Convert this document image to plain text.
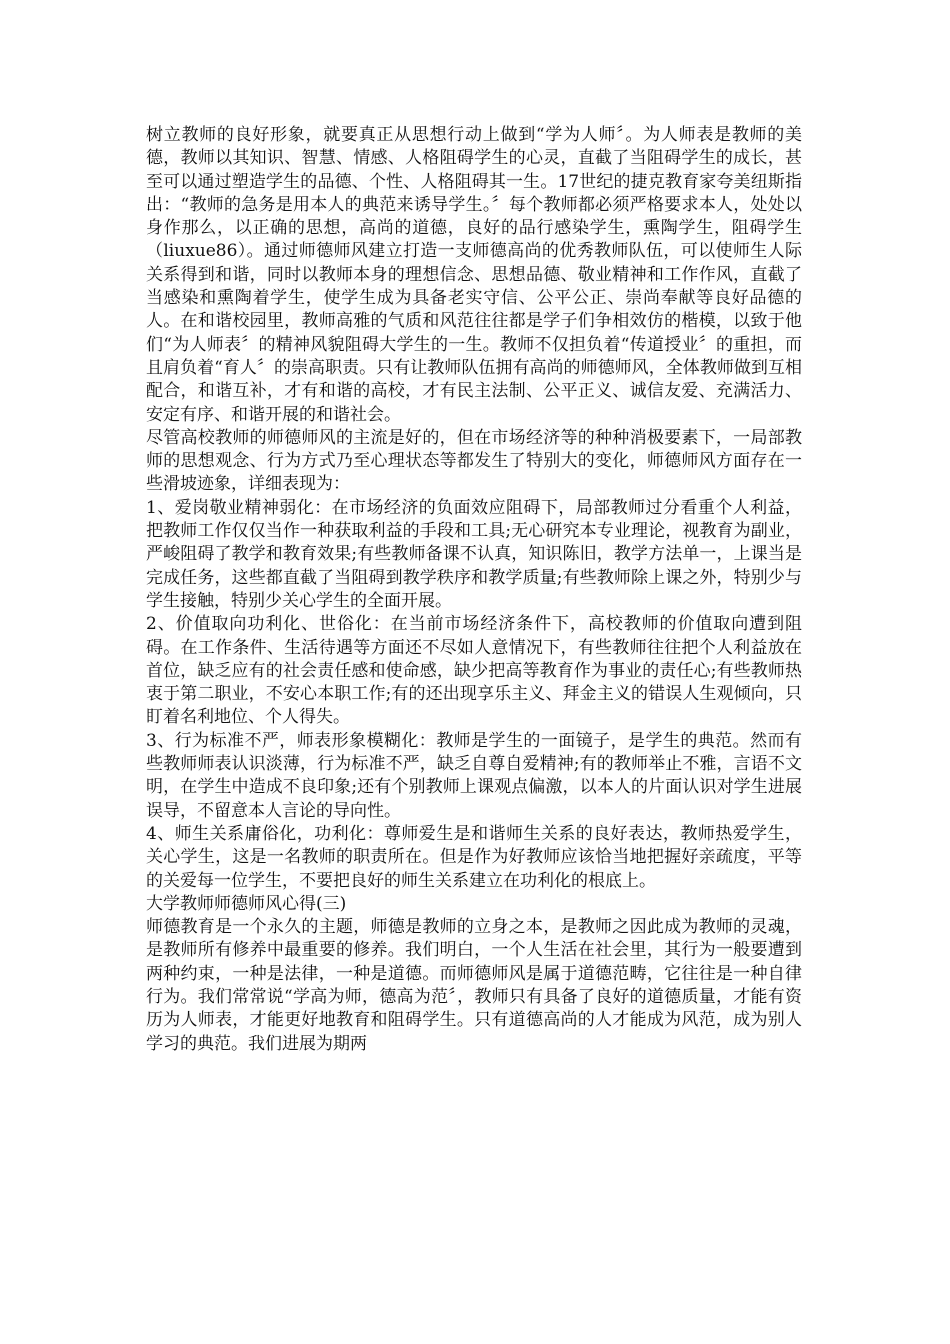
树立教师的良好形象，就要真正从思想行动上做到“学为人师〞。为人师表是教师的美德，教师以其知识、智慧、情感、人格阻碍学生的心灵，直截了当阻碍学生的成长，甚至可以通过塑造学生的品德、个性、人格阻碍其一生。17世纪的捷克教育家夸美纽斯指出：“教师的急务是用本人的典范来诱导学生。〞每个教师都必须严格要求本人，处处以身作那么，以正确的思想，高尚的道德，良好的品行感染学生，熏陶学生，阻碍学生（liuxue86）。通过师德师风建立打造一支师德高尚的优秀教师队伍，可以使师生人际关系得到和谐，同时以教师本身的理想信念、思想品德、敬业精神和工作作风，直截了当感染和熏陶着学生，使学生成为具备老实守信、公平公正、崇尚奉献等良好品德的人。在和谐校园里，教师高雅的气质和风范往往都是学子们争相效仿的楷模，以致于他们“为人师表〞的精神风貌阻碍大学生的一生。教师不仅担负着“传道授业〞的重担，而且肩负着“育人〞的崇高职责。只有让教师队伍拥有高尚的师德师风，全体教师做到互相配合，和谐互补，才有和谐的高校，才有民主法制、公平正义、诚信友爱、充满活力、安定有序、和谐开展的和谐社会。

尽管高校教师的师德师风的主流是好的，但在市场经济等的种种消极要素下，一局部教师的思想观念、行为方式乃至心理状态等都发生了特别大的变化，师德师风方面存在一些滑坡迹象，详细表现为：

1、爱岗敬业精神弱化：在市场经济的负面效应阻碍下，局部教师过分看重个人利益，把教师工作仅仅当作一种获取利益的手段和工具;无心研究本专业理论，视教育为副业，严峻阻碍了教学和教育效果;有些教师备课不认真，知识陈旧，教学方法单一，上课当是完成任务，这些都直截了当阻碍到教学秩序和教学质量;有些教师除上课之外，特别少与学生接触，特别少关心学生的全面开展。

2、价值取向功利化、世俗化：在当前市场经济条件下，高校教师的价值取向遭到阻碍。在工作条件、生活待遇等方面还不尽如人意情况下，有些教师往往把个人利益放在首位，缺乏应有的社会责任感和使命感，缺少把高等教育作为事业的责任心;有些教师热衷于第二职业，不安心本职工作;有的还出现享乐主义、拜金主义的错误人生观倾向，只盯着名利地位、个人得失。

3、行为标准不严，师表形象模糊化：教师是学生的一面镜子，是学生的典范。然而有些教师师表认识淡薄，行为标准不严，缺乏自尊自爱精神;有的教师举止不雅，言语不文明，在学生中造成不良印象;还有个别教师上课观点偏激，以本人的片面认识对学生进展误导，不留意本人言论的导向性。

4、师生关系庸俗化，功利化：尊师爱生是和谐师生关系的良好表达，教师热爱学生，关心学生，这是一名教师的职责所在。但是作为好教师应该恰当地把握好亲疏度，平等的关爱每一位学生，不要把良好的师生关系建立在功利化的根底上。

大学教师师德师风心得(三)

师德教育是一个永久的主题，师德是教师的立身之本，是教师之因此成为教师的灵魂，是教师所有修养中最重要的修养。我们明白，一个人生活在社会里，其行为一般要遭到两种约束，一种是法律，一种是道德。而师德师风是属于道德范畴，它往往是一种自律行为。我们常常说“学高为师，德高为范〞，教师只有具备了良好的道德质量，才能有资历为人师表，才能更好地教育和阻碍学生。只有道德高尚的人才能成为风范，成为别人学习的典范。我们进展为期两
